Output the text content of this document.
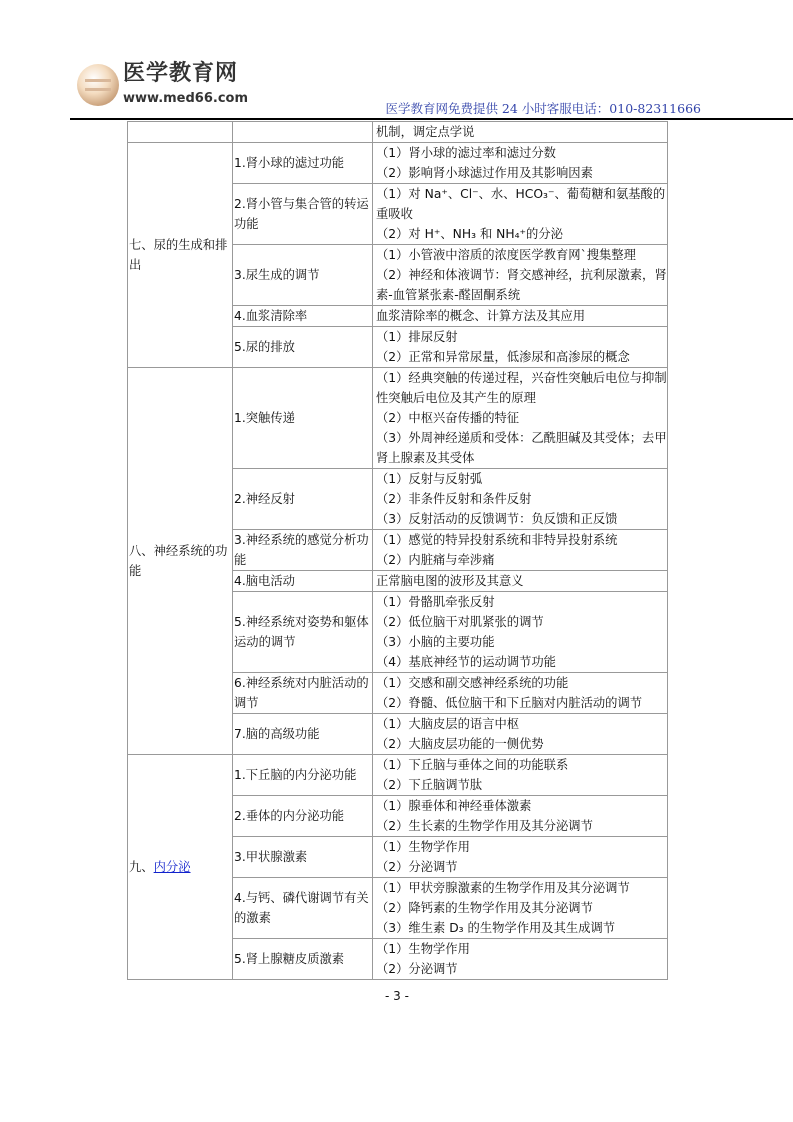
医学教育网
www.med66.com
医学教育网免费提供 24 小时客服电话：010-82311666

		机制，调定点学说

七、尿的生成和排出	1.肾小球的滤过功能	（1）肾小球的滤过率和滤过分数
（2）影响肾小球滤过作用及其影响因素

	2.肾小管与集合管的转运功能	（1）对 Na⁺、Cl⁻、水、HCO₃⁻、葡萄糖和氨基酸的重吸收
（2）对 H⁺、NH₃ 和 NH₄⁺的分泌

	3.尿生成的调节	（1）小管液中溶质的浓度医学教育网`搜集整理
（2）神经和体液调节：肾交感神经，抗利尿激素，肾素-血管紧张素-醛固酮系统

	4.血浆清除率	血浆清除率的概念、计算方法及其应用

	5.尿的排放	（1）排尿反射
（2）正常和异常尿量，低渗尿和高渗尿的概念

八、神经系统的功能	1.突触传递	（1）经典突触的传递过程，兴奋性突触后电位与抑制性突触后电位及其产生的原理
（2）中枢兴奋传播的特征
（3）外周神经递质和受体：乙酰胆碱及其受体；去甲肾上腺素及其受体

	2.神经反射	（1）反射与反射弧
（2）非条件反射和条件反射
（3）反射活动的反馈调节：负反馈和正反馈

	3.神经系统的感觉分析功能	（1）感觉的特异投射系统和非特异投射系统
（2）内脏痛与牵涉痛

	4.脑电活动	正常脑电图的波形及其意义

	5.神经系统对姿势和躯体运动的调节	（1）骨骼肌牵张反射
（2）低位脑干对肌紧张的调节
（3）小脑的主要功能
（4）基底神经节的运动调节功能

	6.神经系统对内脏活动的调节	（1）交感和副交感神经系统的功能
（2）脊髓、低位脑干和下丘脑对内脏活动的调节

	7.脑的高级功能	（1）大脑皮层的语言中枢
（2）大脑皮层功能的一侧优势

九、内分泌	1.下丘脑的内分泌功能	（1）下丘脑与垂体之间的功能联系
（2）下丘脑调节肽

	2.垂体的内分泌功能	（1）腺垂体和神经垂体激素
（2）生长素的生物学作用及其分泌调节

	3.甲状腺激素	（1）生物学作用
（2）分泌调节

	4.与钙、磷代谢调节有关的激素	（1）甲状旁腺激素的生物学作用及其分泌调节
（2）降钙素的生物学作用及其分泌调节
（3）维生素 D₃ 的生物学作用及其生成调节

	5.肾上腺糖皮质激素	（1）生物学作用
（2）分泌调节
- 3 -
